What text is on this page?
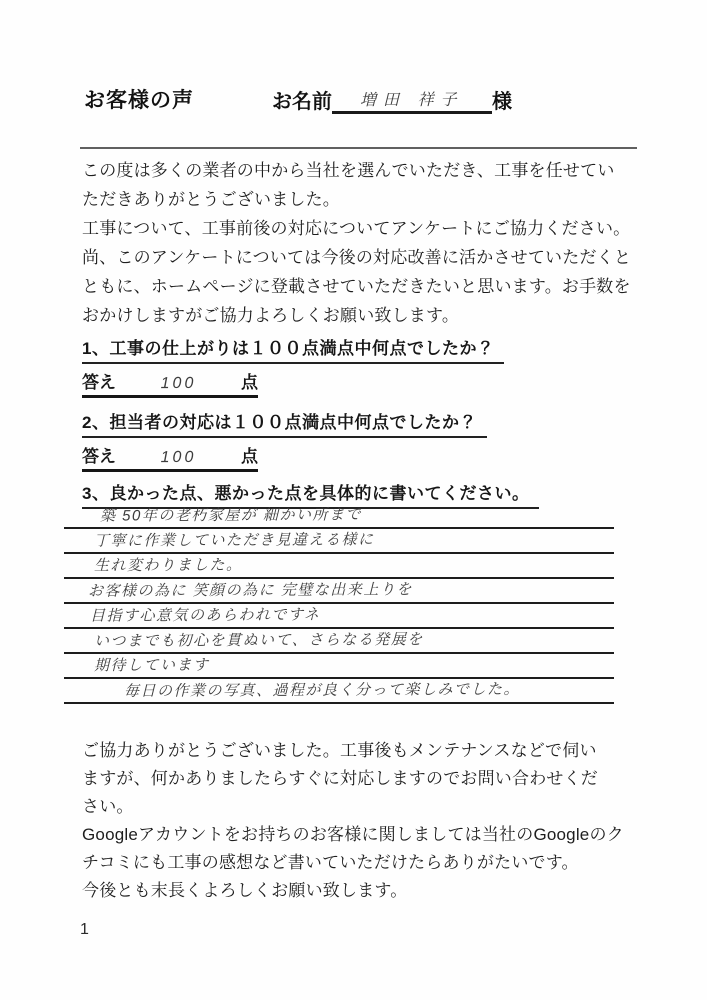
お客様の声	お名前	増田 祥子	様
この度は多くの業者の中から当社を選んでいただき、工事を任せてい
ただきありがとうございました。
工事について、工事前後の対応についてアンケートにご協力ください。
尚、このアンケートについては今後の対応改善に活かさせていただくと
ともに、ホームページに登載させていただきたいと思います。お手数を
おかけしますがご協力よろしくお願い致します。
1、工事の仕上がりは１００点満点中何点でしたか？
答え	100	点
2、担当者の対応は１００点満点中何点でしたか？
答え	100	点
3、良かった点、悪かった点を具体的に書いてください。
築 50年の老朽家屋が 細かい所まで
丁寧に作業していただき見違える様に
生れ変わりました。
お客様の為に 笑顔の為に 完璧な出来上りを
目指す心意気のあらわれですネ
いつまでも初心を貫ぬいて、さらなる発展を
期待しています
毎日の作業の写真、過程が良く分って楽しみでした。
ご協力ありがとうございました。工事後もメンテナンスなどで伺い
ますが、何かありましたらすぐに対応しますのでお問い合わせくだ
さい。
Googleアカウントをお持ちのお客様に関しましては当社のGoogleのク
チコミにも工事の感想など書いていただけたらありがたいです。
今後とも末長くよろしくお願い致します。
1
